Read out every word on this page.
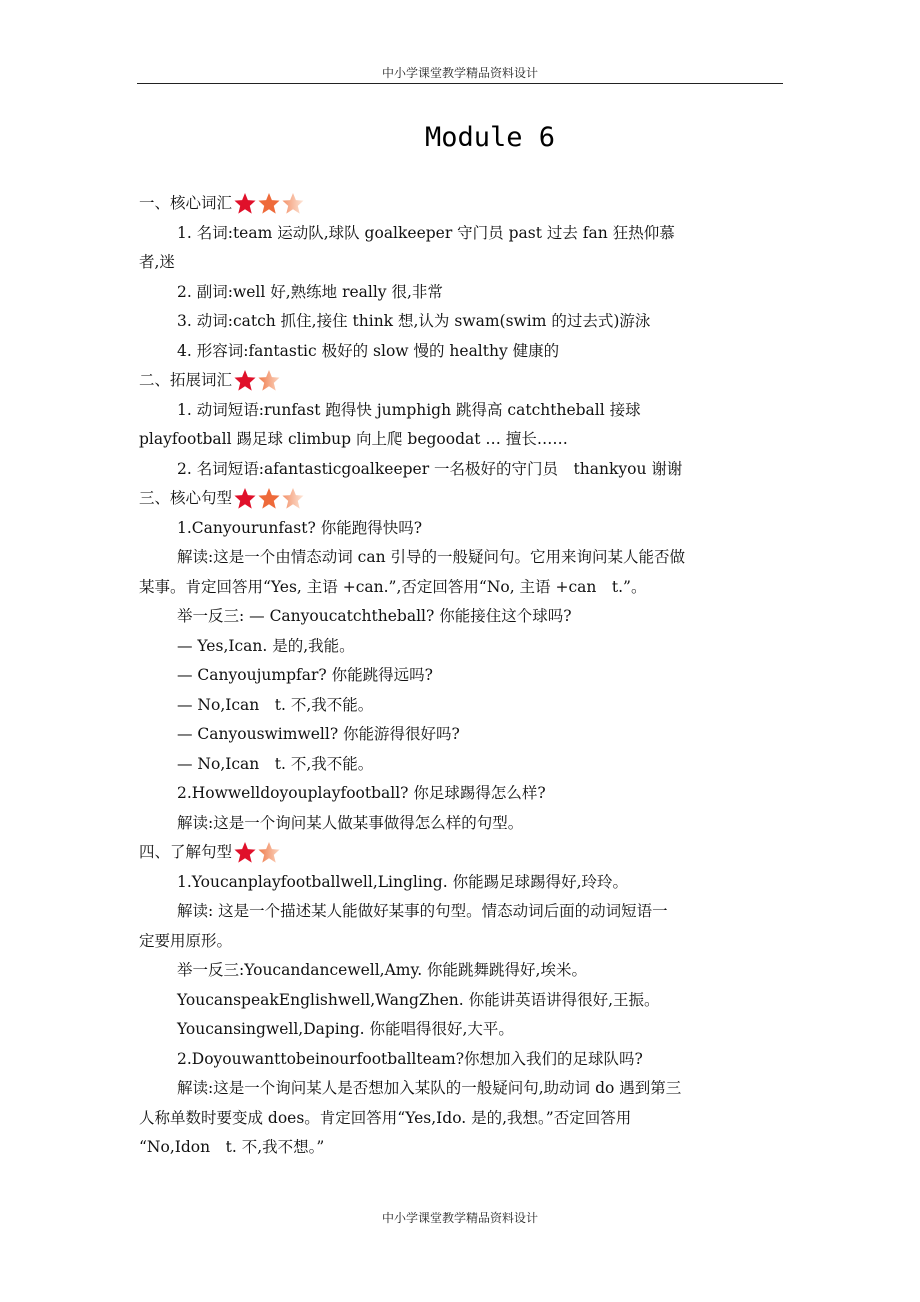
中小学课堂教学精品资料设计
Module 6
一、核心词汇
1. 名词:team 运动队,球队 goalkeeper 守门员 past 过去 fan 狂热仰慕
者,迷
2. 副词:well 好,熟练地 really 很,非常
3. 动词:catch 抓住,接住 think 想,认为 swam(swim 的过去式)游泳
4. 形容词:fantastic 极好的 slow 慢的 healthy 健康的
二、拓展词汇
1. 动词短语:runfast 跑得快 jumphigh 跳得高 catchtheball 接球
playfootball 踢足球 climbup 向上爬 begoodat … 擅长……
2. 名词短语:afantasticgoalkeeper 一名极好的守门员　thankyou 谢谢
三、核心句型
1.Canyourunfast? 你能跑得快吗?
解读:这是一个由情态动词 can 引导的一般疑问句。它用来询问某人能否做
某事。肯定回答用“Yes, 主语 +can.”,否定回答用“No, 主语 +can　t.”。
举一反三: — Canyoucatchtheball? 你能接住这个球吗?
— Yes,Ican. 是的,我能。
— Canyoujumpfar? 你能跳得远吗?
— No,Ican　t. 不,我不能。
— Canyouswimwell? 你能游得很好吗?
— No,Ican　t. 不,我不能。
2.Howwelldoyouplayfootball? 你足球踢得怎么样?
解读:这是一个询问某人做某事做得怎么样的句型。
四、了解句型
1.Youcanplayfootballwell,Lingling. 你能踢足球踢得好,玲玲。
解读: 这是一个描述某人能做好某事的句型。情态动词后面的动词短语一
定要用原形。
举一反三:Youcandancewell,Amy. 你能跳舞跳得好,埃米。
YoucanspeakEnglishwell,WangZhen. 你能讲英语讲得很好,王振。
Youcansingwell,Daping. 你能唱得很好,大平。
2.Doyouwanttobeinourfootballteam?你想加入我们的足球队吗?
解读:这是一个询问某人是否想加入某队的一般疑问句,助动词 do 遇到第三
人称单数时要变成 does。肯定回答用“Yes,Ido. 是的,我想。”否定回答用
“No,Idon　t. 不,我不想。”
中小学课堂教学精品资料设计
